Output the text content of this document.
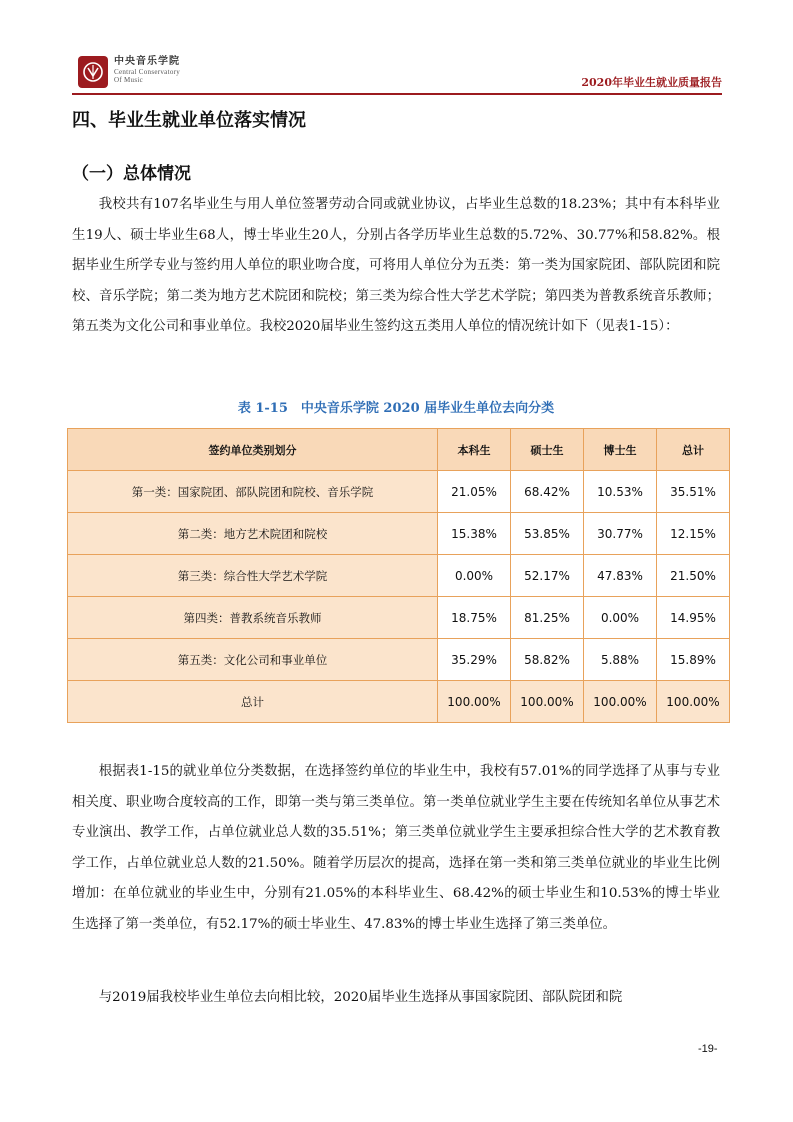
中央音乐学院
Central Conservatory
Of Music	2020年毕业生就业质量报告
四、毕业生就业单位落实情况
（一）总体情况

我校共有107名毕业生与用人单位签署劳动合同或就业协议，占毕业生总数的18.23%；其中有本科毕业生19人、硕士毕业生68人，博士毕业生20人，分别占各学历毕业生总数的5.72%、30.77%和58.82%。根据毕业生所学专业与签约用人单位的职业吻合度，可将用人单位分为五类：第一类为国家院团、部队院团和院校、音乐学院；第二类为地方艺术院团和院校；第三类为综合性大学艺术学院；第四类为普教系统音乐教师；第五类为文化公司和事业单位。我校2020届毕业生签约这五类用人单位的情况统计如下（见表1-15）：

表 1-15　中央音乐学院 2020 届毕业生单位去向分类
签约单位类别划分	本科生	硕士生	博士生	总计
第一类：国家院团、部队院团和院校、音乐学院	21.05%	68.42%	10.53%	35.51%
第二类：地方艺术院团和院校	15.38%	53.85%	30.77%	12.15%
第三类：综合性大学艺术学院	0.00%	52.17%	47.83%	21.50%
第四类：普教系统音乐教师	18.75%	81.25%	0.00%	14.95%
第五类：文化公司和事业单位	35.29%	58.82%	5.88%	15.89%
总计	100.00%	100.00%	100.00%	100.00%

根据表1-15的就业单位分类数据，在选择签约单位的毕业生中，我校有57.01%的同学选择了从事与专业相关度、职业吻合度较高的工作，即第一类与第三类单位。第一类单位就业学生主要在传统知名单位从事艺术专业演出、教学工作，占单位就业总人数的35.51%；第三类单位就业学生主要承担综合性大学的艺术教育教学工作，占单位就业总人数的21.50%。随着学历层次的提高，选择在第一类和第三类单位就业的毕业生比例增加：在单位就业的毕业生中，分别有21.05%的本科毕业生、68.42%的硕士毕业生和10.53%的博士毕业生选择了第一类单位，有52.17%的硕士毕业生、47.83%的博士毕业生选择了第三类单位。

与2019届我校毕业生单位去向相比较，2020届毕业生选择从事国家院团、部队院团和院

-19-
